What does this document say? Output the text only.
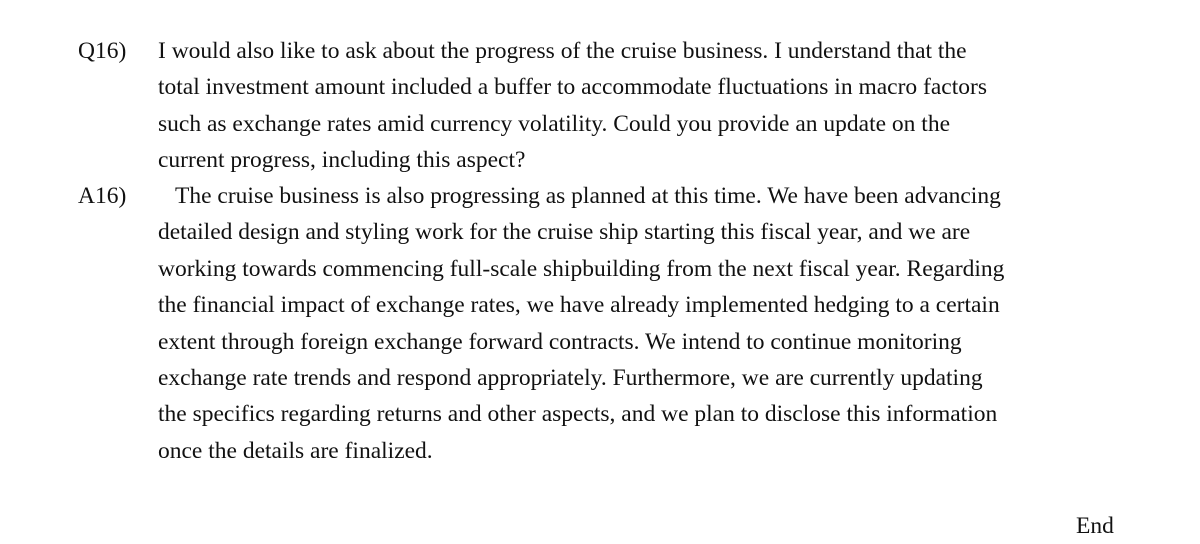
Q16) I would also like to ask about the progress of the cruise business. I understand that the
total investment amount included a buffer to accommodate fluctuations in macro factors
such as exchange rates amid currency volatility. Could you provide an update on the
current progress, including this aspect?
A16)	The cruise business is also progressing as planned at this time. We have been advancing
detailed design and styling work for the cruise ship starting this fiscal year, and we are
working towards commencing full-scale shipbuilding from the next fiscal year. Regarding
the financial impact of exchange rates, we have already implemented hedging to a certain
extent through foreign exchange forward contracts. We intend to continue monitoring
exchange rate trends and respond appropriately. Furthermore, we are currently updating
the specifics regarding returns and other aspects, and we plan to disclose this information
once the details are finalized.
End
